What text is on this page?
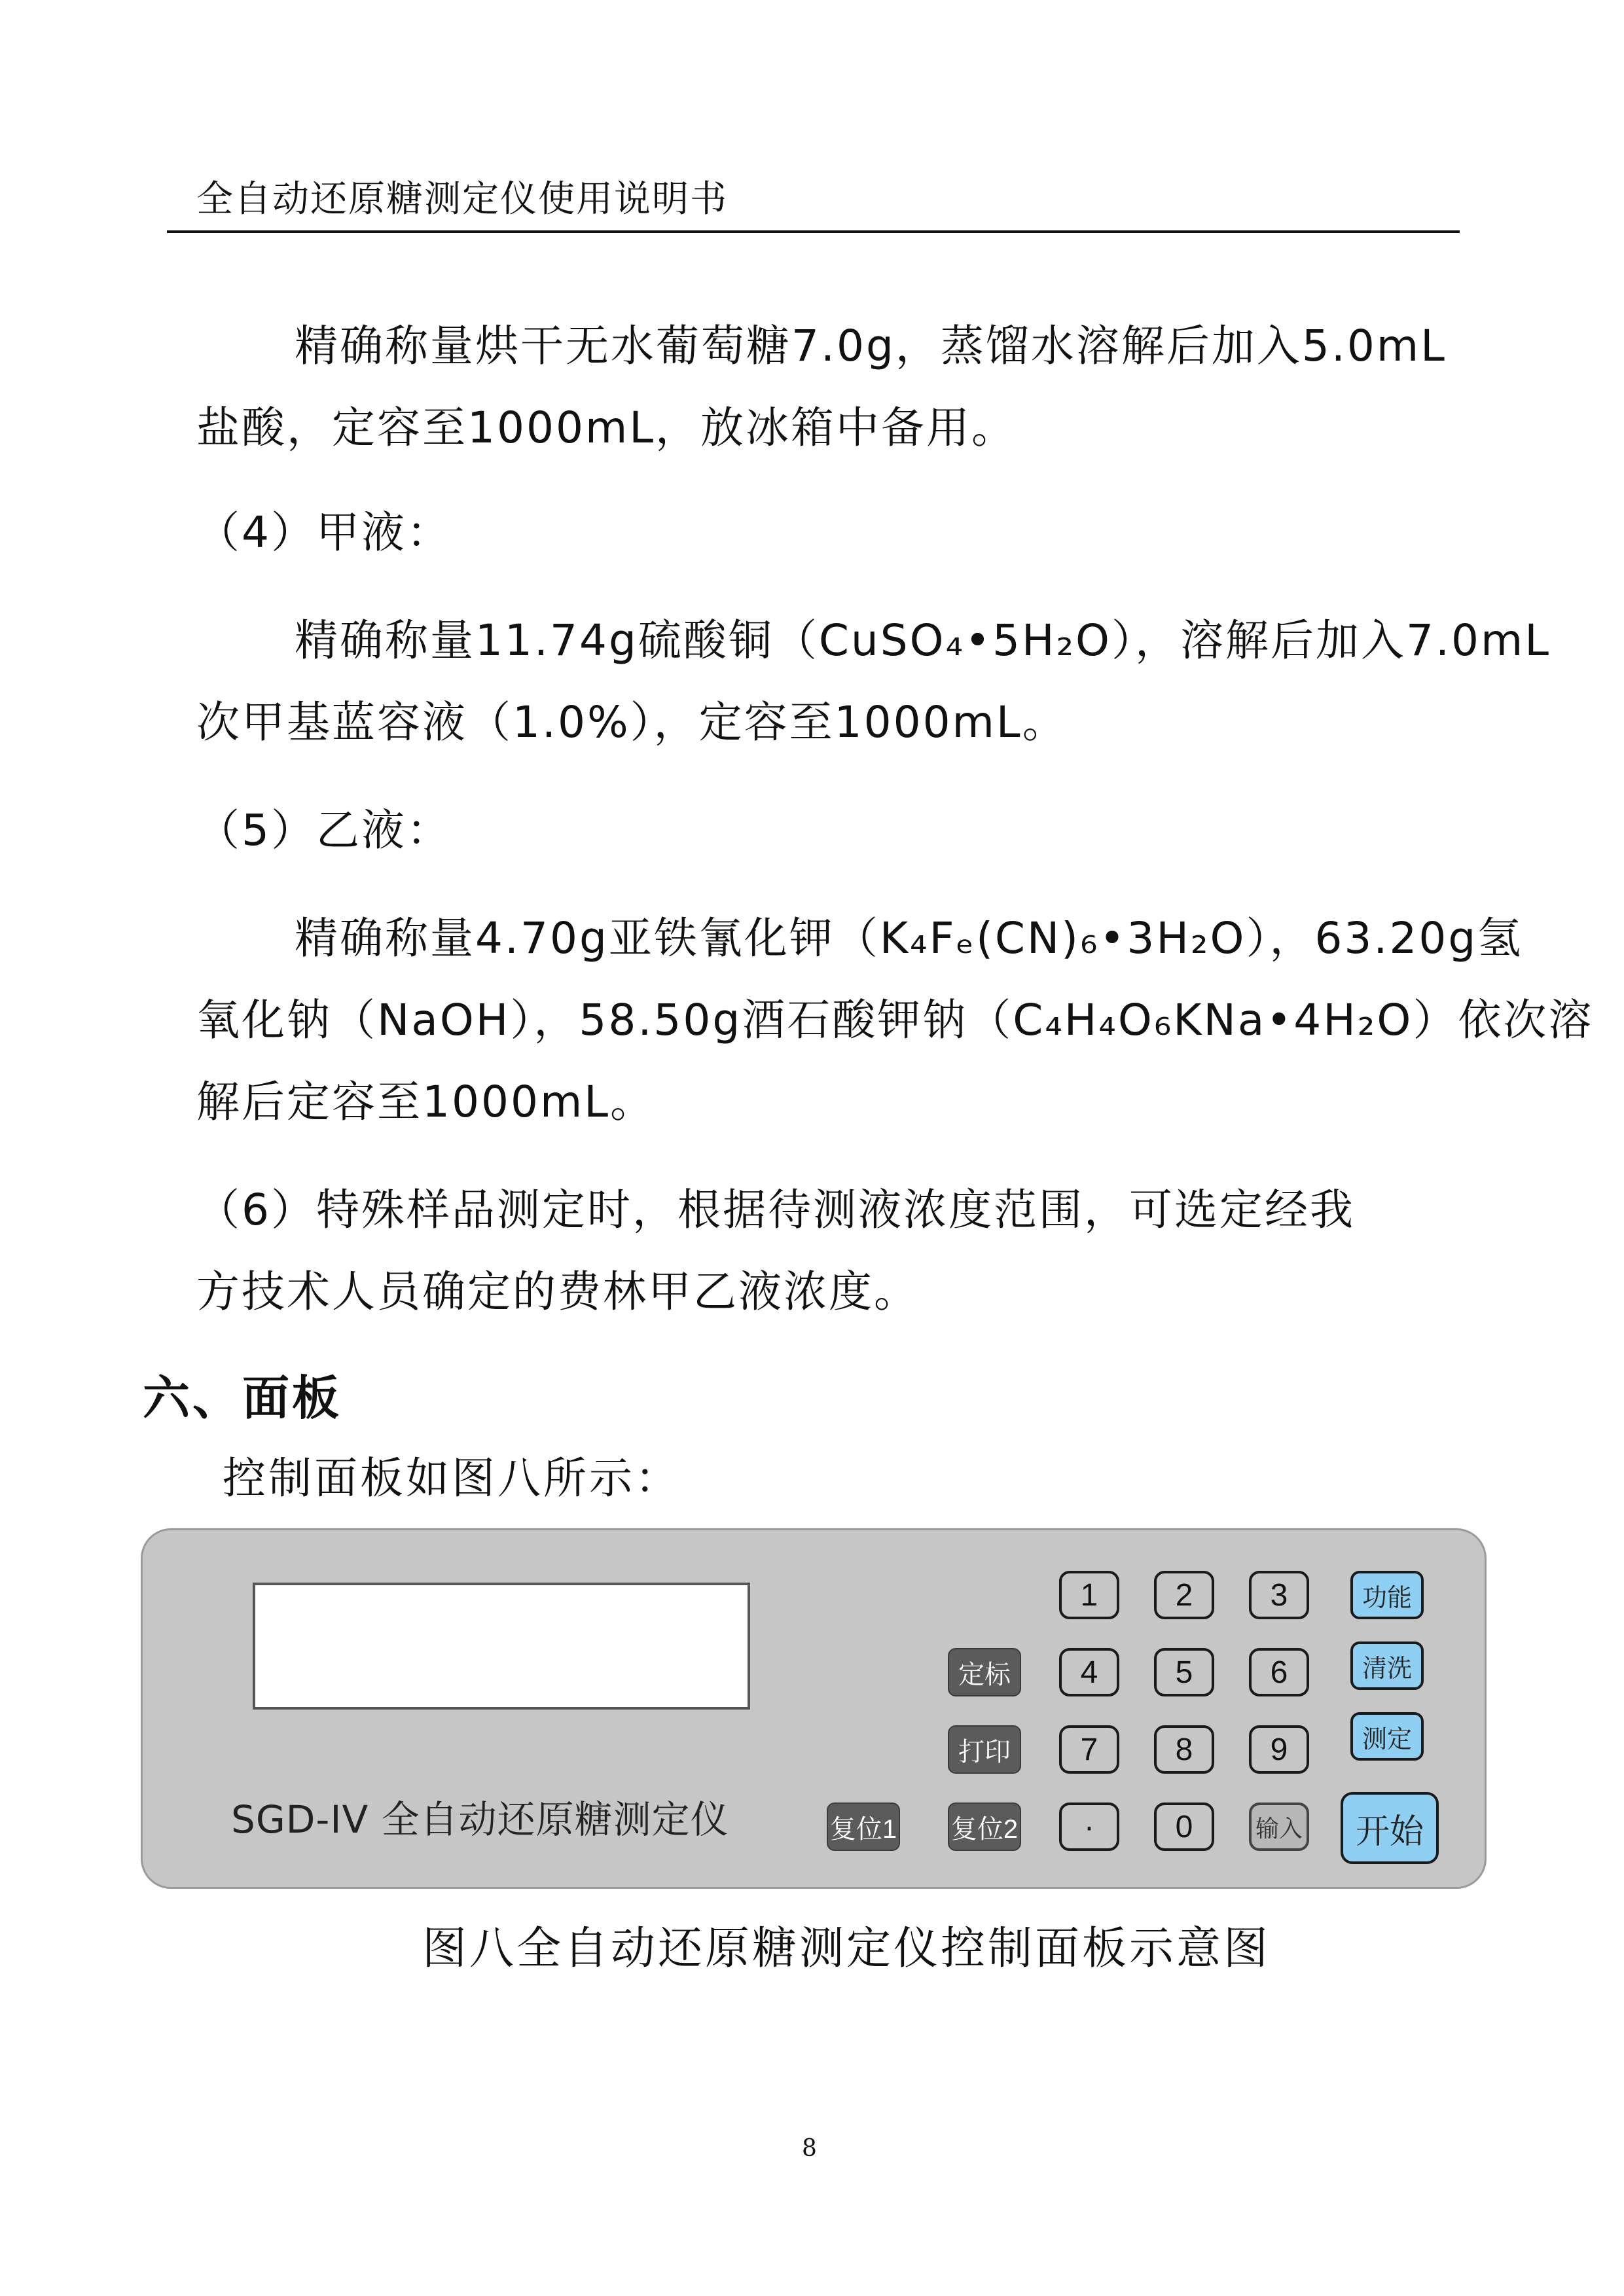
全自动还原糖测定仪使用说明书
精确称量烘干无水葡萄糖7.0g，蒸馏水溶解后加入5.0mL
盐酸，定容至1000mL，放冰箱中备用。
（4）甲液：
精确称量11.74g硫酸铜（CuSO₄•5H₂O），溶解后加入7.0mL
次甲基蓝容液（1.0%），定容至1000mL。
（5）乙液：
精确称量4.70g亚铁氰化钾（K₄Fₑ(CN)₆•3H₂O），63.20g氢
氧化钠（NaOH），58.50g酒石酸钾钠（C₄H₄O₆KNa•4H₂O）依次溶
解后定容至1000mL。
（6）特殊样品测定时，根据待测液浓度范围，可选定经我
方技术人员确定的费林甲乙液浓度。
六、面板
控制面板如图八所示：
SGD-IV 全自动还原糖测定仪
1	2	3
4	5	6
7	8	9
·	0	输入
定标
打印
复位1 复位2
功能
清洗
测定
开始
图八全自动还原糖测定仪控制面板示意图
8
